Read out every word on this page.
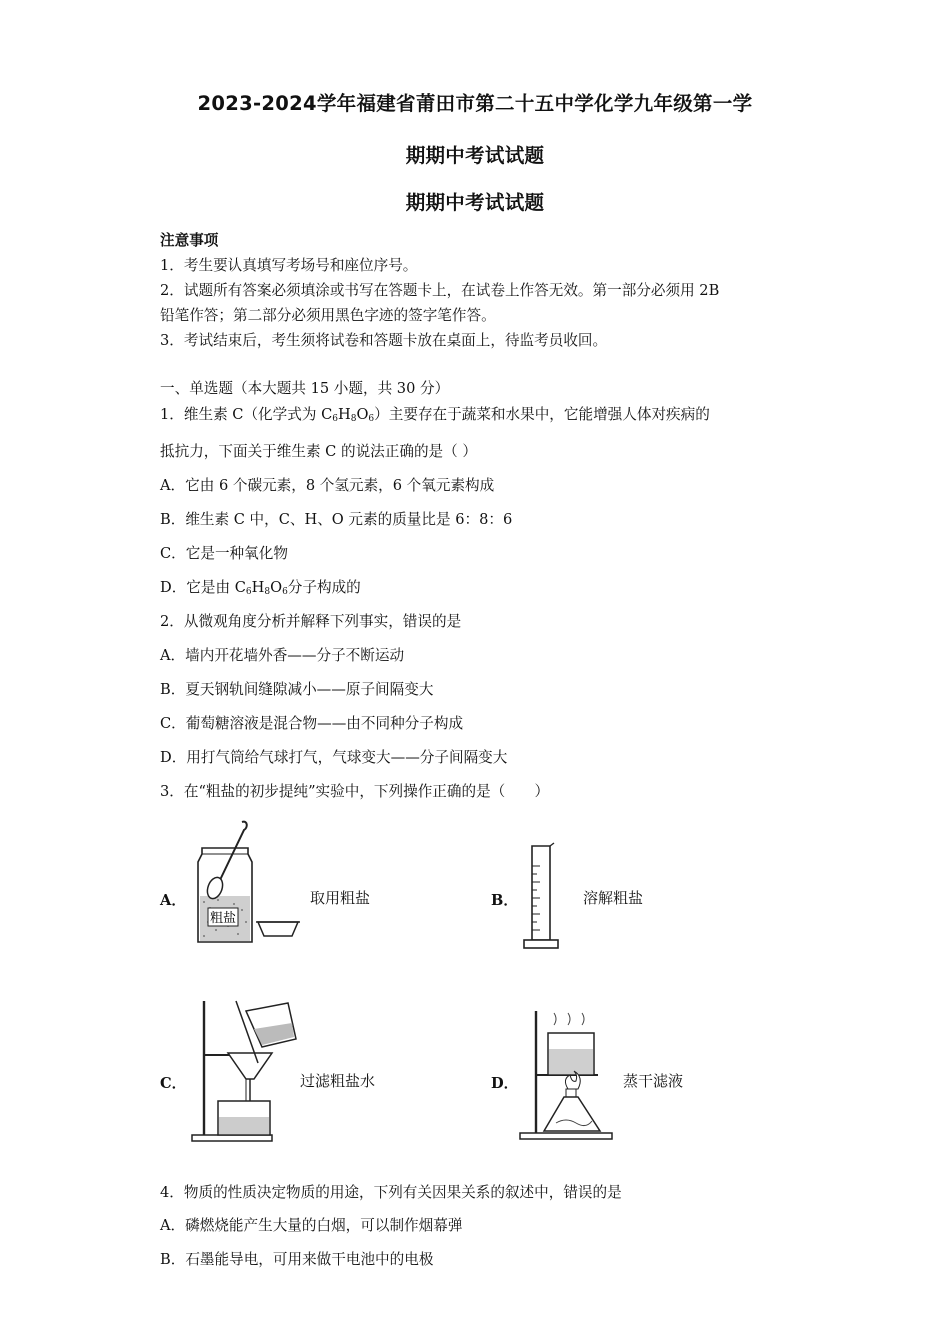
2023-2024学年福建省莆田市第二十五中学化学九年级第一学
期期中考试试题
期期中考试试题
注意事项
1．考生要认真填写考场号和座位序号。
2．试题所有答案必须填涂或书写在答题卡上，在试卷上作答无效。第一部分必须用 2B
铅笔作答；第二部分必须用黑色字迹的签字笔作答。
3．考试结束后，考生须将试卷和答题卡放在桌面上，待监考员收回。
一、单选题（本大题共 15 小题，共 30 分）
1．维生素 C（化学式为 $C_6H_8O_6$）主要存在于蔬菜和水果中，它能增强人体对疾病的
抵抗力，下面关于维生素 C 的说法正确的是（ ）
A．它由 6 个碳元素，8 个氢元素，6 个氧元素构成
B．维生素 C 中，C、H、O 元素的质量比是 6：8：6
C．它是一种氧化物
D．它是由 $C_6H_8O_6$分子构成的
2．从微观角度分析并解释下列事实，错误的是
A．墙内开花墙外香——分子不断运动
B．夏天钢轨间缝隙减小——原子间隔变大
C．葡萄糖溶液是混合物——由不同种分子构成
D．用打气筒给气球打气，气球变大——分子间隔变大
3．在“粗盐的初步提纯”实验中，下列操作正确的是（　　）
A．
粗盐
取用粗盐	B．	溶解粗盐
C．	过滤粗盐水	D．	蒸干滤液
4．物质的性质决定物质的用途，下列有关因果关系的叙述中，错误的是
A．磷燃烧能产生大量的白烟，可以制作烟幕弹
B．石墨能导电，可用来做干电池中的电极
